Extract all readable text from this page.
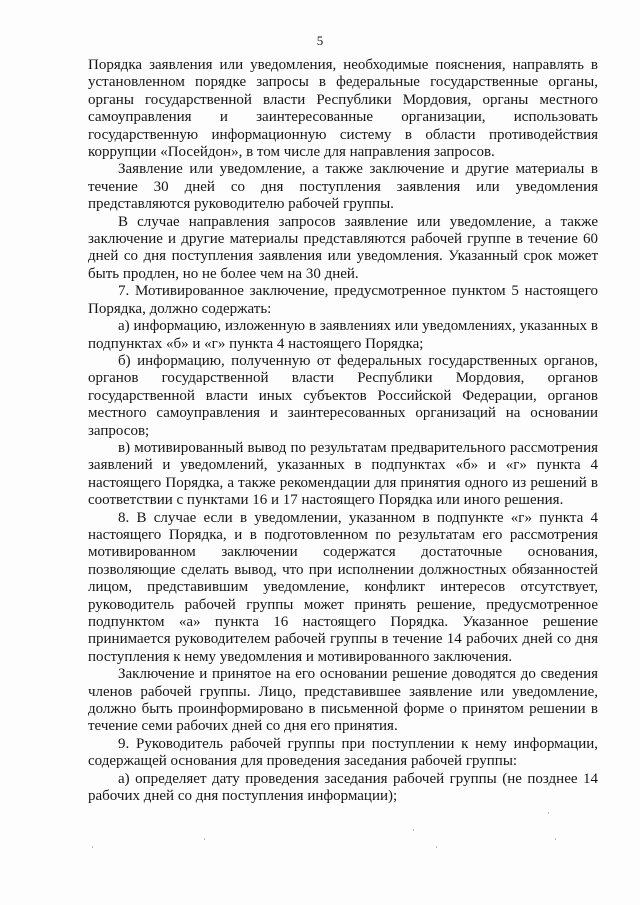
5

Порядка заявления или уведомления, необходимые пояснения, направлять в установленном порядке запросы в федеральные государственные органы, органы государственной власти Республики Мордовия, органы местного самоуправления и заинтересованные организации, использовать государственную информационную систему в области противодействия коррупции «Посейдон», в том числе для направления запросов.

Заявление или уведомление, а также заключение и другие материалы в течение 30 дней со дня поступления заявления или уведомления представляются руководителю рабочей группы.

В случае направления запросов заявление или уведомление, а также заключение и другие материалы представляются рабочей группе в течение 60 дней со дня поступления заявления или уведомления. Указанный срок может быть продлен, но не более чем на 30 дней.

7. Мотивированное заключение, предусмотренное пунктом 5 настоящего Порядка, должно содержать:

а) информацию, изложенную в заявлениях или уведомлениях, указанных в подпунктах «б» и «г» пункта 4 настоящего Порядка;

б) информацию, полученную от федеральных государственных органов, органов государственной власти Республики Мордовия, органов государственной власти иных субъектов Российской Федерации, органов местного самоуправления и заинтересованных организаций на основании запросов;

в) мотивированный вывод по результатам предварительного рассмотрения заявлений и уведомлений, указанных в подпунктах «б» и «г» пункта 4 настоящего Порядка, а также рекомендации для принятия одного из решений в соответствии с пунктами 16 и 17 настоящего Порядка или иного решения.

8. В случае если в уведомлении, указанном в подпункте «г» пункта 4 настоящего Порядка, и в подготовленном по результатам его рассмотрения мотивированном заключении содержатся достаточные основания, позволяющие сделать вывод, что при исполнении должностных обязанностей лицом, представившим уведомление, конфликт интересов отсутствует, руководитель рабочей группы может принять решение, предусмотренное подпунктом «а» пункта 16 настоящего Порядка. Указанное решение принимается руководителем рабочей группы в течение 14 рабочих дней со дня поступления к нему уведомления и мотивированного заключения.

Заключение и принятое на его основании решение доводятся до сведения членов рабочей группы. Лицо, представившее заявление или уведомление, должно быть проинформировано в письменной форме о принятом решении в течение семи рабочих дней со дня его принятия.

9. Руководитель рабочей группы при поступлении к нему информации, содержащей основания для проведения заседания рабочей группы:

а) определяет дату проведения заседания рабочей группы (не позднее 14 рабочих дней со дня поступления информации);
